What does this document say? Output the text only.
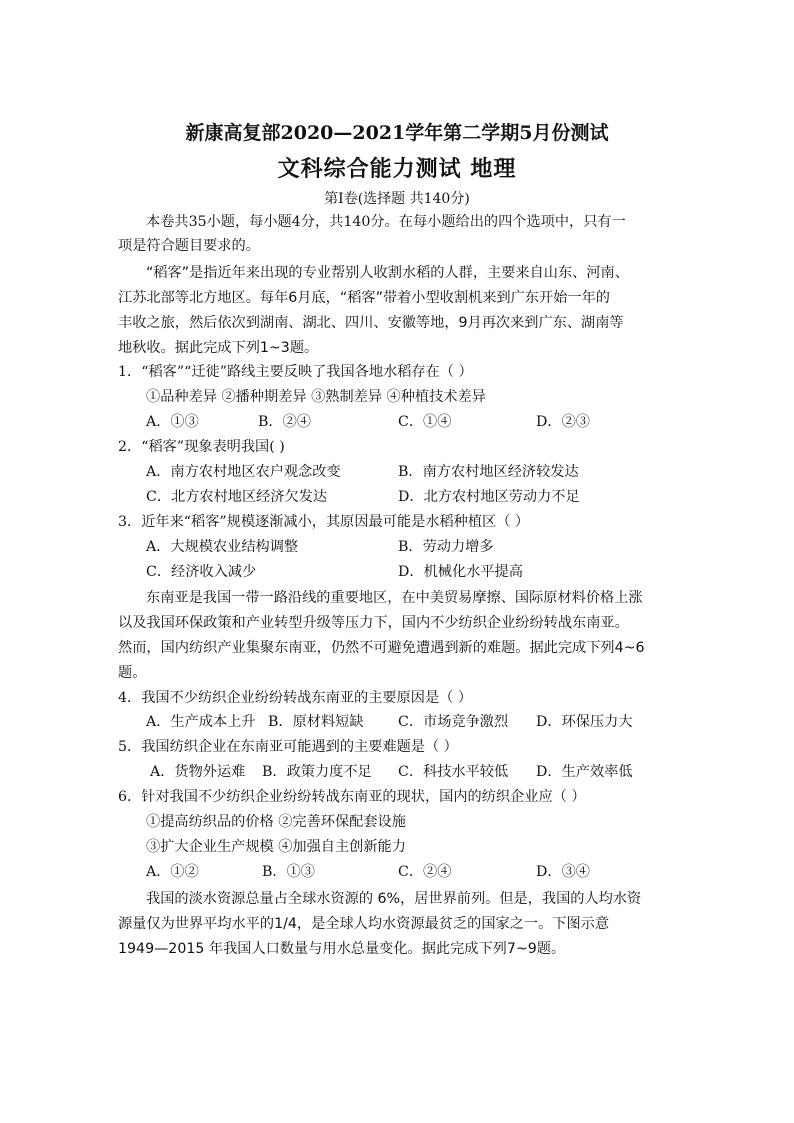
新康高复部2020—2021学年第二学期5月份测试
文科综合能力测试 地理
第Ⅰ卷(选择题 共140分)
本卷共35小题，每小题4分，共140分。在每小题给出的四个选项中，只有一
项是符合题目要求的。
“稻客”是指近年来出现的专业帮别人收割水稻的人群，主要来自山东、河南、
江苏北部等北方地区。每年6月底，“稻客”带着小型收割机来到广东开始一年的
丰收之旅，然后依次到湖南、湖北、四川、安徽等地，9月再次来到广东、湖南等
地秋收。据此完成下列1~3题。
1．“稻客”“迁徙”路线主要反映了我国各地水稻存在（ ）
①品种差异 ②播种期差异 ③熟制差异 ④种植技术差异
A．①③	B．②④	C．①④	D．②③
2．“稻客”现象表明我国( )
A．南方农村地区农户观念改变	B．南方农村地区经济较发达
C．北方农村地区经济欠发达	D．北方农村地区劳动力不足
3．近年来“稻客”规模逐渐减小，其原因最可能是水稻种植区（ ）
A．大规模农业结构调整	B．劳动力增多
C．经济收入减少	D．机械化水平提高
东南亚是我国一带一路沿线的重要地区，在中美贸易摩擦、国际原材料价格上涨
以及我国环保政策和产业转型升级等压力下，国内不少纺织企业纷纷转战东南亚。
然而，国内纺织产业集聚东南亚，仍然不可避免遭遇到新的难题。据此完成下列4~6
题。
4．我国不少纺织企业纷纷转战东南亚的主要原因是（ ）
A．生产成本上升 B．原材料短缺 C．市场竞争激烈 D．环保压力大
5．我国纺织企业在东南亚可能遇到的主要难题是（ ）
A．货物外运难 B．政策力度不足 C．科技水平较低 D．生产效率低
6．针对我国不少纺织企业纷纷转战东南亚的现状，国内的纺织企业应（ ）
①提高纺织品的价格 ②完善环保配套设施
③扩大企业生产规模 ④加强自主创新能力
A．①②	B．①③	C．②④	D．③④
我国的淡水资源总量占全球水资源的 6%，居世界前列。但是，我国的人均水资
源量仅为世界平均水平的1/4，是全球人均水资源最贫乏的国家之一。下图示意
1949—2015 年我国人口数量与用水总量变化。据此完成下列7~9题。
